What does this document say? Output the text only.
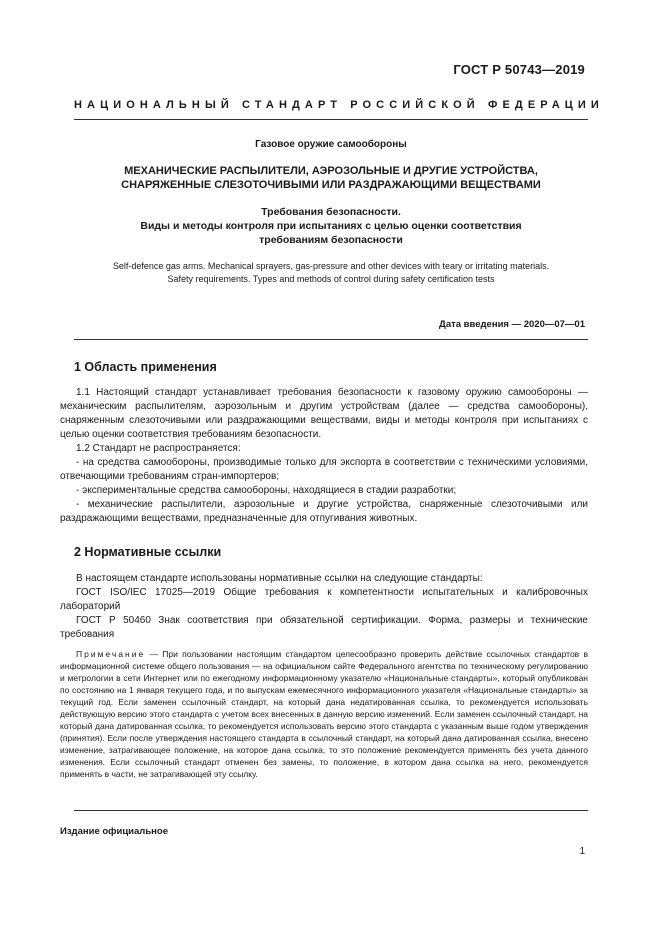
ГОСТ Р 50743—2019
НАЦИОНАЛЬНЫЙ СТАНДАРТ РОССИЙСКОЙ ФЕДЕРАЦИИ
Газовое оружие самообороны
МЕХАНИЧЕСКИЕ РАСПЫЛИТЕЛИ, АЭРОЗОЛЬНЫЕ И ДРУГИЕ УСТРОЙСТВА,
СНАРЯЖЕННЫЕ СЛЕЗОТОЧИВЫМИ ИЛИ РАЗДРАЖАЮЩИМИ ВЕЩЕСТВАМИ
Требования безопасности.
Виды и методы контроля при испытаниях с целью оценки соответствия
требованиям безопасности
Self-defence gas arms. Mechanical sprayers, gas-pressure and other devices with teary or irritating materials.
Safety requirements. Types and methods of control during safety certification tests
Дата введения — 2020—07—01
1 Область применения

1.1 Настоящий стандарт устанавливает требования безопасности к газовому оружию самообороны — механическим распылителям, аэрозольным и другим устройствам (далее — средства самообороны), снаряженным слезоточивыми или раздражающими веществами, виды и методы контроля при испытаниях с целью оценки соответствия требованиям безопасности.

1.2 Стандарт не распространяется:

- на средства самообороны, производимые только для экспорта в соответствии с техническими условиями, отвечающими требованиям стран-импортеров;

- экспериментальные средства самообороны, находящиеся в стадии разработки;

- механические распылители, аэрозольные и другие устройства, снаряженные слезоточивыми или раздражающими веществами, предназначенные для отпугивания животных.

2 Нормативные ссылки

В настоящем стандарте использованы нормативные ссылки на следующие стандарты:

ГОСТ ISO/IEC 17025—2019 Общие требования к компетентности испытательных и калибровочных лабораторий

ГОСТ Р 50460 Знак соответствия при обязательной сертификации. Форма, размеры и технические требования

Примечание — При пользовании настоящим стандартом целесообразно проверить действие ссылочных стандартов в информационной системе общего пользования — на официальном сайте Федерального агентства по техническому регулированию и метрологии в сети Интернет или по ежегодному информационному указателю «Национальные стандарты», который опубликован по состоянию на 1 января текущего года, и по выпускам ежемесячного информационного указателя «Национальные стандарты» за текущий год. Если заменен ссылочный стандарт, на который дана недатированная ссылка, то рекомендуется использовать действующую версию этого стандарта с учетом всех внесенных в данную версию изменений. Если заменен ссылочный стандарт, на который дана датированная ссылка, то рекомендуется использовать версию этого стандарта с указанным выше годом утверждения (принятия). Если после утверждения настоящего стандарта в ссылочный стандарт, на который дана датированная ссылка, внесено изменение, затрагивающее положение, на которое дана ссылка, то это положение рекомендуется применять без учета данного изменения. Если ссылочный стандарт отменен без замены, то положение, в котором дана ссылка на него, рекомендуется применять в части, не затрагивающей эту ссылку.

Издание официальное
1
